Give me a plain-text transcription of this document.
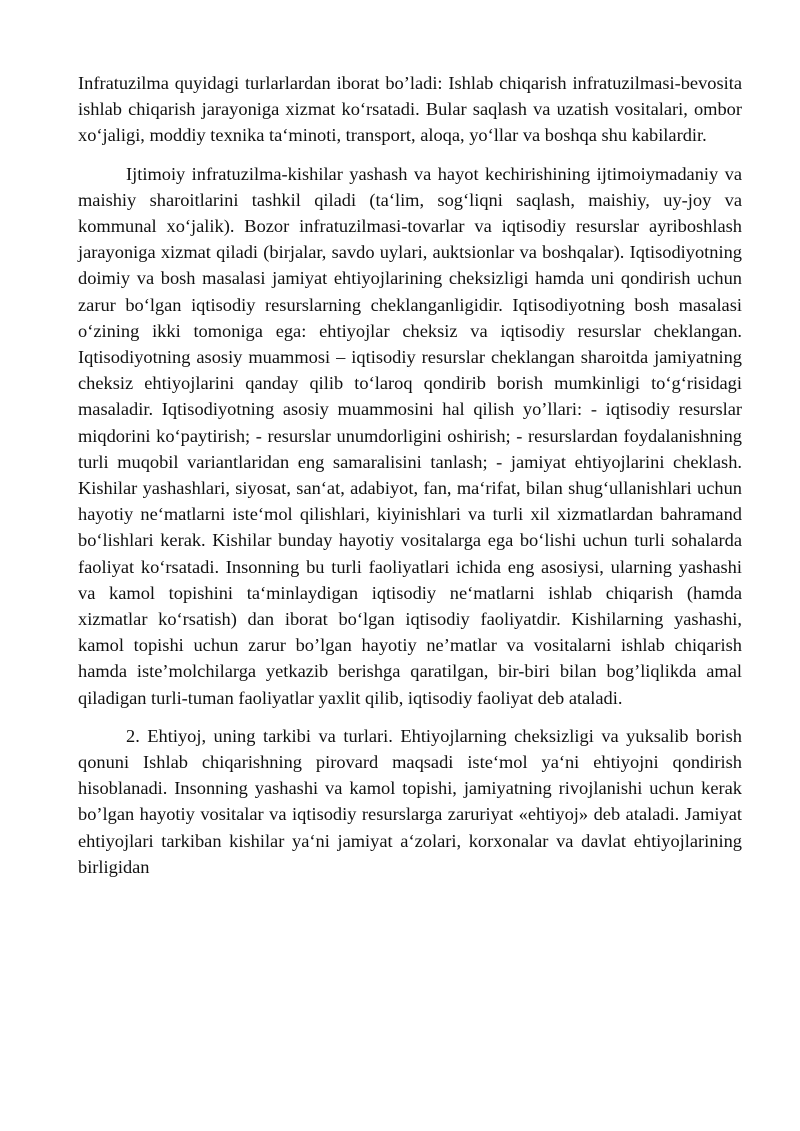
Infratuzilma quyidagi turlarlardan iborat bo’ladi: Ishlab chiqarish infratuzilmasi-bevosita ishlab chiqarish jarayoniga xizmat ko‘rsatadi. Bular saqlash va uzatish vositalari, ombor xo‘jaligi, moddiy texnika ta‘minoti, transport, aloqa, yo‘llar va boshqa shu kabilardir.

Ijtimoiy infratuzilma-kishilar yashash va hayot kechirishining ijtimoiymadaniy va maishiy sharoitlarini tashkil qiladi (ta‘lim, sog‘liqni saqlash, maishiy, uy-joy va kommunal xo‘jalik). Bozor infratuzilmasi-tovarlar va iqtisodiy resurslar ayriboshlash jarayoniga xizmat qiladi (birjalar, savdo uylari, auktsionlar va boshqalar). Iqtisodiyotning doimiy va bosh masalasi jamiyat ehtiyojlarining cheksizligi hamda uni qondirish uchun zarur bo‘lgan iqtisodiy resurslarning cheklanganligidir. Iqtisodiyotning bosh masalasi o‘zining ikki tomoniga ega: ehtiyojlar cheksiz va iqtisodiy resurslar cheklangan. Iqtisodiyotning asosiy muammosi – iqtisodiy resurslar cheklangan sharoitda jamiyatning cheksiz ehtiyojlarini qanday qilib to‘laroq qondirib borish mumkinligi to‘g‘risidagi masaladir. Iqtisodiyotning asosiy muammosini hal qilish yo’llari: - iqtisodiy resurslar miqdorini ko‘paytirish; - resurslar unumdorligini oshirish; - resurslardan foydalanishning turli muqobil variantlaridan eng samaralisini tanlash; - jamiyat ehtiyojlarini cheklash. Kishilar yashashlari, siyosat, san‘at, adabiyot, fan, ma‘rifat, bilan shug‘ullanishlari uchun hayotiy ne‘matlarni iste‘mol qilishlari, kiyinishlari va turli xil xizmatlardan bahramand bo‘lishlari kerak. Kishilar bunday hayotiy vositalarga ega bo‘lishi uchun turli sohalarda faoliyat ko‘rsatadi. Insonning bu turli faoliyatlari ichida eng asosiysi, ularning yashashi va kamol topishini ta‘minlaydigan iqtisodiy ne‘matlarni ishlab chiqarish (hamda xizmatlar ko‘rsatish) dan iborat bo‘lgan iqtisodiy faoliyatdir. Kishilarning yashashi, kamol topishi uchun zarur bo’lgan hayotiy ne’matlar va vositalarni ishlab chiqarish hamda iste’molchilarga yetkazib berishga qaratilgan, bir-biri bilan bog’liqlikda amal qiladigan turli-tuman faoliyatlar yaxlit qilib, iqtisodiy faoliyat deb ataladi.

2. Ehtiyoj, uning tarkibi va turlari. Ehtiyojlarning cheksizligi va yuksalib borish qonuni Ishlab chiqarishning pirovard maqsadi iste‘mol ya‘ni ehtiyojni qondirish hisoblanadi. Insonning yashashi va kamol topishi, jamiyatning rivojlanishi uchun kerak bo’lgan hayotiy vositalar va iqtisodiy resurslarga zaruriyat «ehtiyoj» deb ataladi. Jamiyat ehtiyojlari tarkiban kishilar ya‘ni jamiyat a‘zolari, korxonalar va davlat ehtiyojlarining birligidan
